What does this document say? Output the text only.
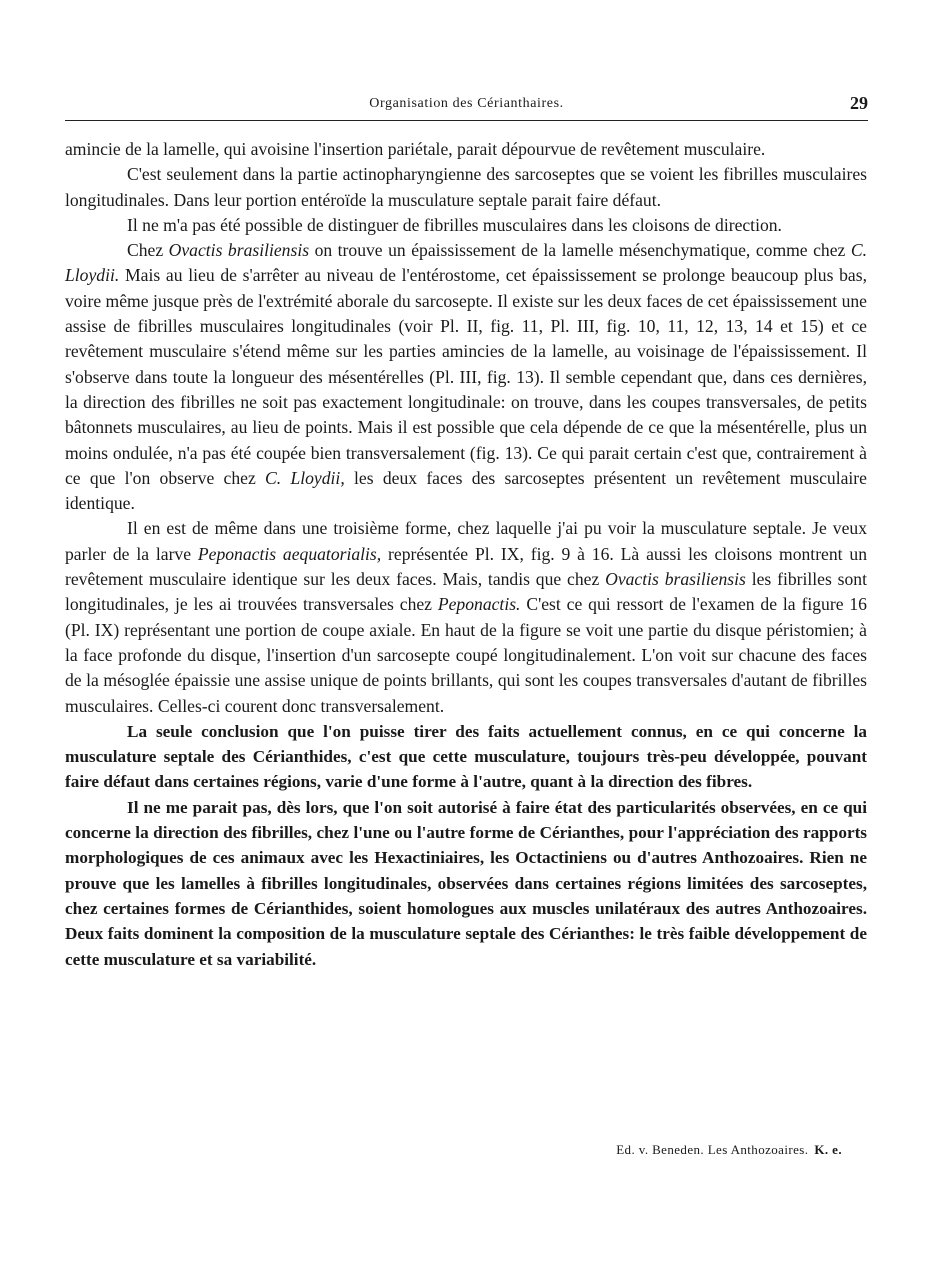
Organisation des Cérianthaires.	29

amincie de la lamelle, qui avoisine l'insertion pariétale, parait dépourvue de revêtement musculaire.

C'est seulement dans la partie actinopharyngienne des sarcoseptes que se voient les fibrilles musculaires longitudinales. Dans leur portion entéroïde la musculature septale parait faire défaut.

Il ne m'a pas été possible de distinguer de fibrilles musculaires dans les cloisons de direction.

Chez Ovactis brasiliensis on trouve un épaississement de la lamelle mésenchymatique, comme chez C. Lloydii. Mais au lieu de s'arrêter au niveau de l'entérostome, cet épaississement se prolonge beaucoup plus bas, voire même jusque près de l'extrémité aborale du sarcosepte. Il existe sur les deux faces de cet épaississement une assise de fibrilles musculaires longitudinales (voir Pl. II, fig. 11, Pl. III, fig. 10, 11, 12, 13, 14 et 15) et ce revêtement musculaire s'étend même sur les parties amincies de la lamelle, au voisinage de l'épaississement. Il s'observe dans toute la longueur des mésentérelles (Pl. III, fig. 13). Il semble cependant que, dans ces dernières, la direction des fibrilles ne soit pas exactement longitudinale: on trouve, dans les coupes transversales, de petits bâtonnets musculaires, au lieu de points. Mais il est possible que cela dépende de ce que la mésentérelle, plus un moins ondulée, n'a pas été coupée bien transversalement (fig. 13). Ce qui parait certain c'est que, contrairement à ce que l'on observe chez C. Lloydii, les deux faces des sarcoseptes présentent un revêtement musculaire identique.

Il en est de même dans une troisième forme, chez laquelle j'ai pu voir la musculature septale. Je veux parler de la larve Peponactis aequatorialis, représentée Pl. IX, fig. 9 à 16. Là aussi les cloisons montrent un revêtement musculaire identique sur les deux faces. Mais, tandis que chez Ovactis brasiliensis les fibrilles sont longitudinales, je les ai trouvées transversales chez Peponactis. C'est ce qui ressort de l'examen de la figure 16 (Pl. IX) représentant une portion de coupe axiale. En haut de la figure se voit une partie du disque péristomien; à la face profonde du disque, l'insertion d'un sarcosepte coupé longitudinalement. L'on voit sur chacune des faces de la mésoglée épaissie une assise unique de points brillants, qui sont les coupes transversales d'autant de fibrilles musculaires. Celles-ci courent donc transversalement.

La seule conclusion que l'on puisse tirer des faits actuellement connus, en ce qui concerne la musculature septale des Cérianthides, c'est que cette musculature, toujours très-peu développée, pouvant faire défaut dans certaines régions, varie d'une forme à l'autre, quant à la direction des fibres.

Il ne me parait pas, dès lors, que l'on soit autorisé à faire état des particularités observées, en ce qui concerne la direction des fibrilles, chez l'une ou l'autre forme de Cérianthes, pour l'appréciation des rapports morphologiques de ces animaux avec les Hexactiniaires, les Octactiniens ou d'autres Anthozoaires. Rien ne prouve que les lamelles à fibrilles longitudinales, observées dans certaines régions limitées des sarcoseptes, chez certaines formes de Cérianthides, soient homologues aux muscles unilatéraux des autres Anthozoaires. Deux faits dominent la composition de la musculature septale des Cérianthes: le très faible développement de cette musculature et sa variabilité.

Ed. v. Beneden. Les Anthozoaires. K. e.
